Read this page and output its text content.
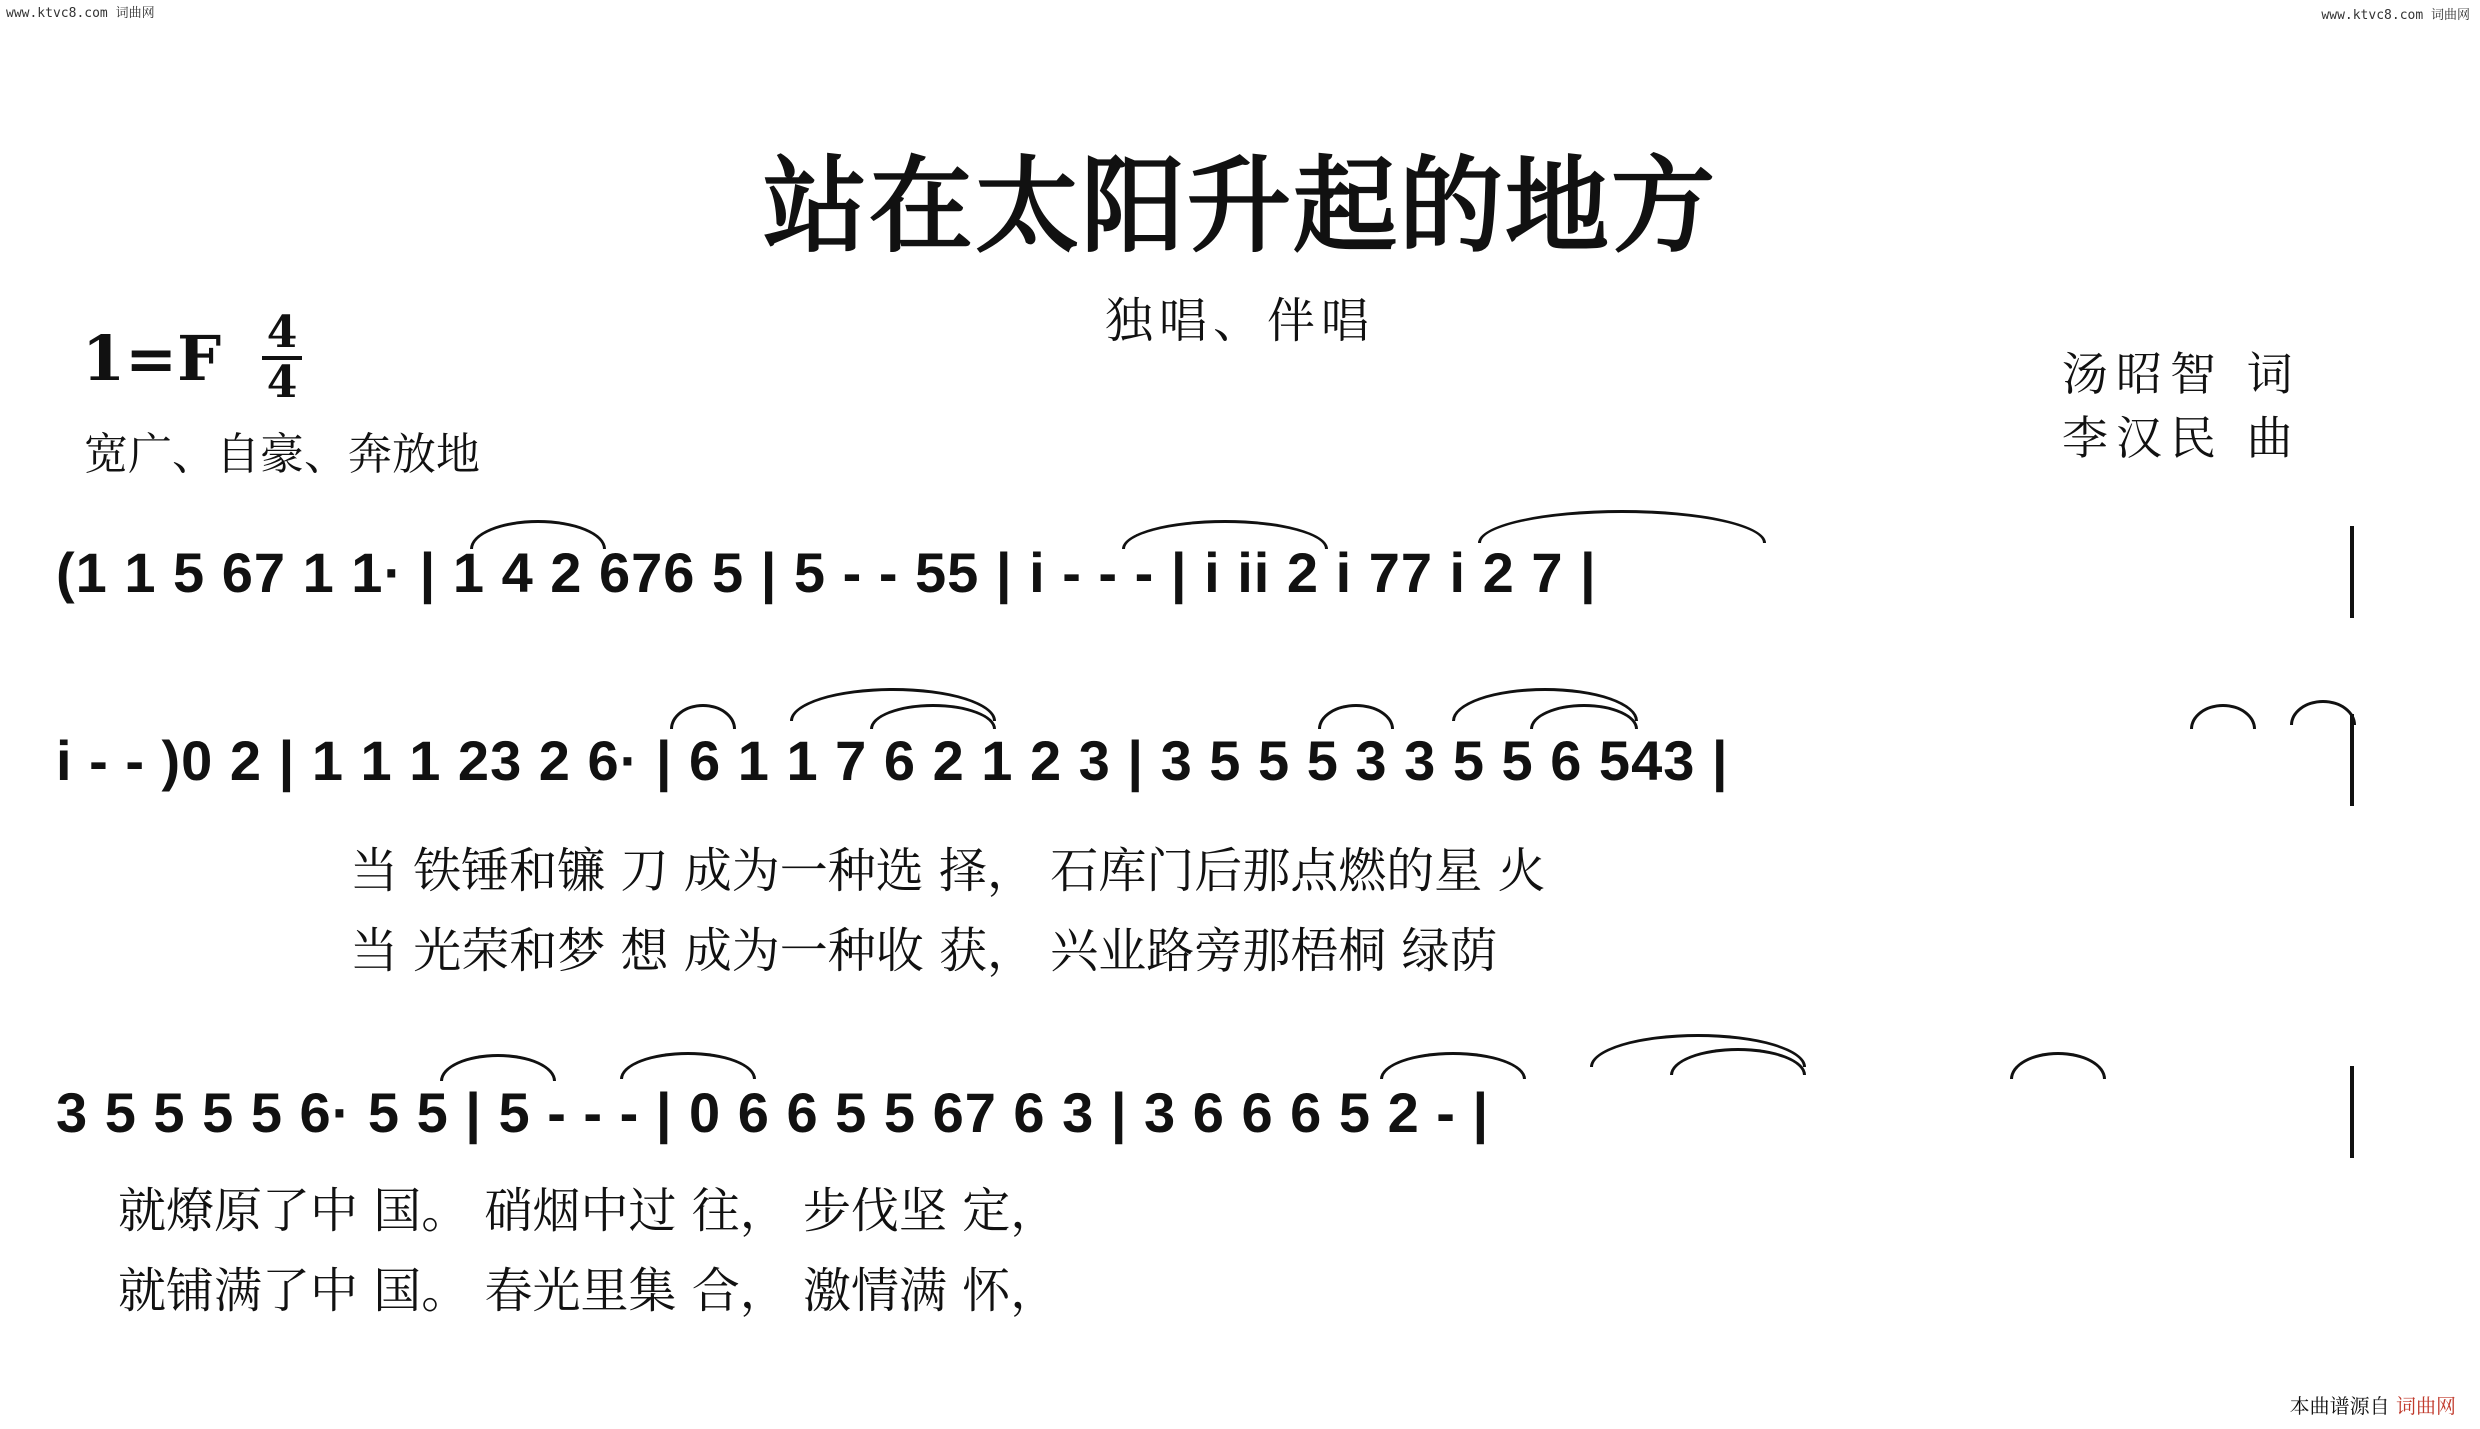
www.ktvc8.com 词曲网	www.ktvc8.com 词曲网
站在太阳升起的地方
独唱、伴唱
1=F 4
4
宽广、自豪、奔放地
汤昭智 词
李汉民 曲
(1 1 5 67 1 1· | 1 4 2 676 5 | 5 - - 55 | i - - - | i ii 2 i 77 i 2 7 |
i - - )0 2 | 1 1 1 23 2 6· | 6 1 1 7 6 2 1 2 3 | 3 5 5 5 3 3 5 5 6 543 |
当 铁锤和镰 刀 成为一种选 择， 石库门后那点燃的星 火
当 光荣和梦 想 成为一种收 获， 兴业路旁那梧桐 绿荫
3 5 5 5 5 6· 5 5 | 5 - - - | 0 6 6 5 5 67 6 3 | 3 6 6 6 5 2 - |
就燎原了中 国。 硝烟中过 往， 步伐坚 定，
就铺满了中 国。 春光里集 合， 激情满 怀，
本曲谱源自 词曲网
